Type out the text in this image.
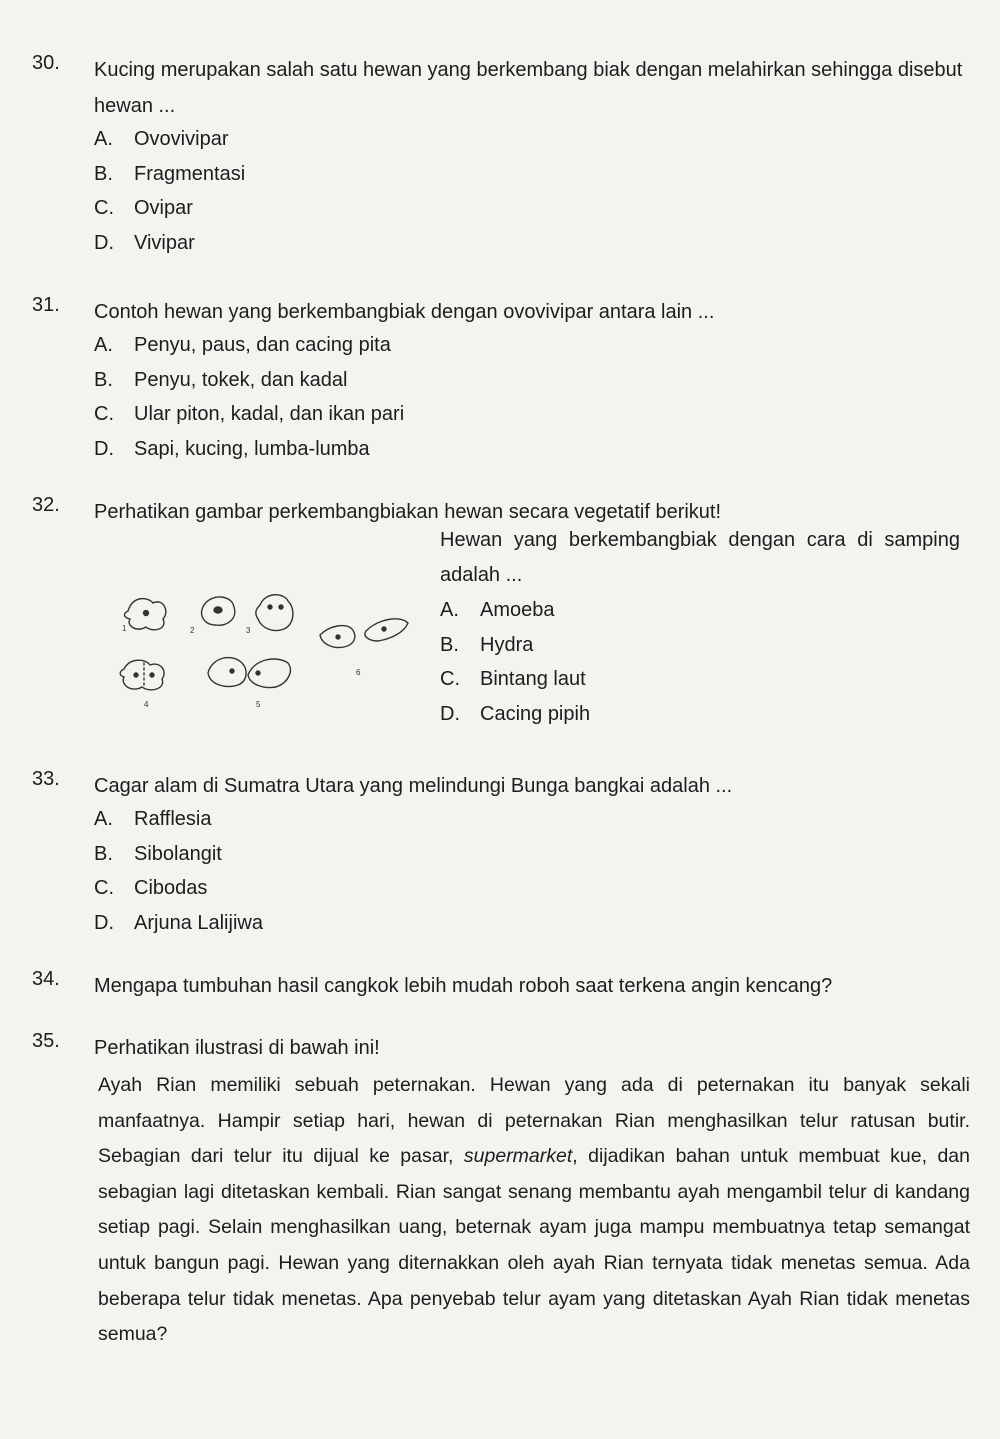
30.	Kucing merupakan salah satu hewan yang berkembang biak dengan melahirkan sehingga disebut hewan ...
A. Ovovivipar
B. Fragmentasi
C. Ovipar
D. Vivipar
31.	Contoh hewan yang berkembangbiak dengan ovovivipar antara lain ...
A. Penyu, paus, dan cacing pita
B. Penyu, tokek, dan kadal
C. Ular piton, kadal, dan ikan pari
D. Sapi, kucing, lumba-lumba
32.	Perhatikan gambar perkembangbiakan hewan secara vegetatif berikut!
Hewan yang berkembangbiak dengan cara di samping adalah ...
A. Amoeba
B. Hydra
C. Bintang laut
D. Cacing pipih
1	2	3
4	5
6
33.	Cagar alam di Sumatra Utara yang melindungi Bunga bangkai adalah ...
A. Rafflesia
B. Sibolangit
C. Cibodas
D. Arjuna Lalijiwa
34.	Mengapa tumbuhan hasil cangkok lebih mudah roboh saat terkena angin kencang?
35.	Perhatikan ilustrasi di bawah ini!
Ayah Rian memiliki sebuah peternakan. Hewan yang ada di peternakan itu banyak sekali manfaatnya. Hampir setiap hari, hewan di peternakan Rian menghasilkan telur ratusan butir. Sebagian dari telur itu dijual ke pasar, supermarket, dijadikan bahan untuk membuat kue, dan sebagian lagi ditetaskan kembali. Rian sangat senang membantu ayah mengambil telur di kandang setiap pagi. Selain menghasilkan uang, beternak ayam juga mampu membuatnya tetap semangat untuk bangun pagi. Hewan yang diternakkan oleh ayah Rian ternyata tidak menetas semua. Ada beberapa telur tidak menetas. Apa penyebab telur ayam yang ditetaskan Ayah Rian tidak menetas semua?
